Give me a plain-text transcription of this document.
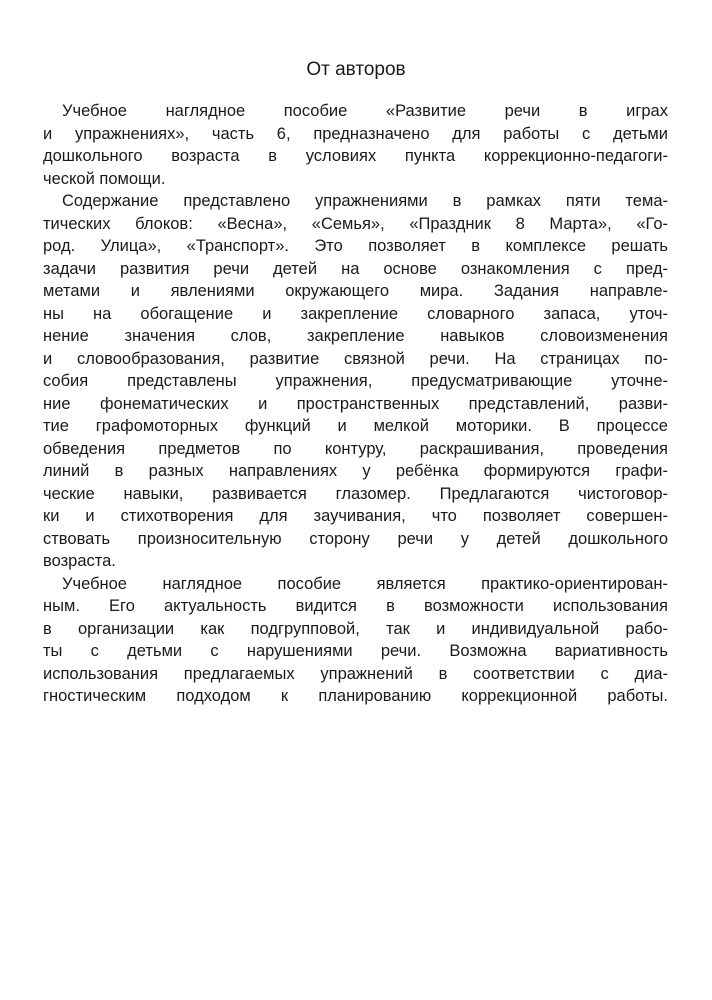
От авторов
Учебное наглядное пособие «Развитие речи в играх
и упражнениях», часть 6, предназначено для работы с детьми
дошкольного возраста в условиях пункта коррекционно-педагоги-
ческой помощи.
Содержание представлено упражнениями в рамках пяти тема-
тических блоков: «Весна», «Семья», «Праздник 8 Марта», «Го-
род. Улица», «Транспорт». Это позволяет в комплексе решать
задачи развития речи детей на основе ознакомления с пред-
метами и явлениями окружающего мира. Задания направле-
ны на обогащение и закрепление словарного запаса, уточ-
нение значения слов, закрепление навыков словоизменения
и словообразования, развитие связной речи. На страницах по-
собия представлены упражнения, предусматривающие уточне-
ние фонематических и пространственных представлений, разви-
тие графомоторных функций и мелкой моторики. В процессе
обведения предметов по контуру, раскрашивания, проведения
линий в разных направлениях у ребёнка формируются графи-
ческие навыки, развивается глазомер. Предлагаются чистоговор-
ки и стихотворения для заучивания, что позволяет совершен-
ствовать произносительную сторону речи у детей дошкольного
возраста.
Учебное наглядное пособие является практико-ориентирован-
ным. Его актуальность видится в возможности использования
в организации как подгрупповой, так и индивидуальной рабо-
ты с детьми с нарушениями речи. Возможна вариативность
использования предлагаемых упражнений в соответствии с диа-
гностическим подходом к планированию коррекционной работы.
